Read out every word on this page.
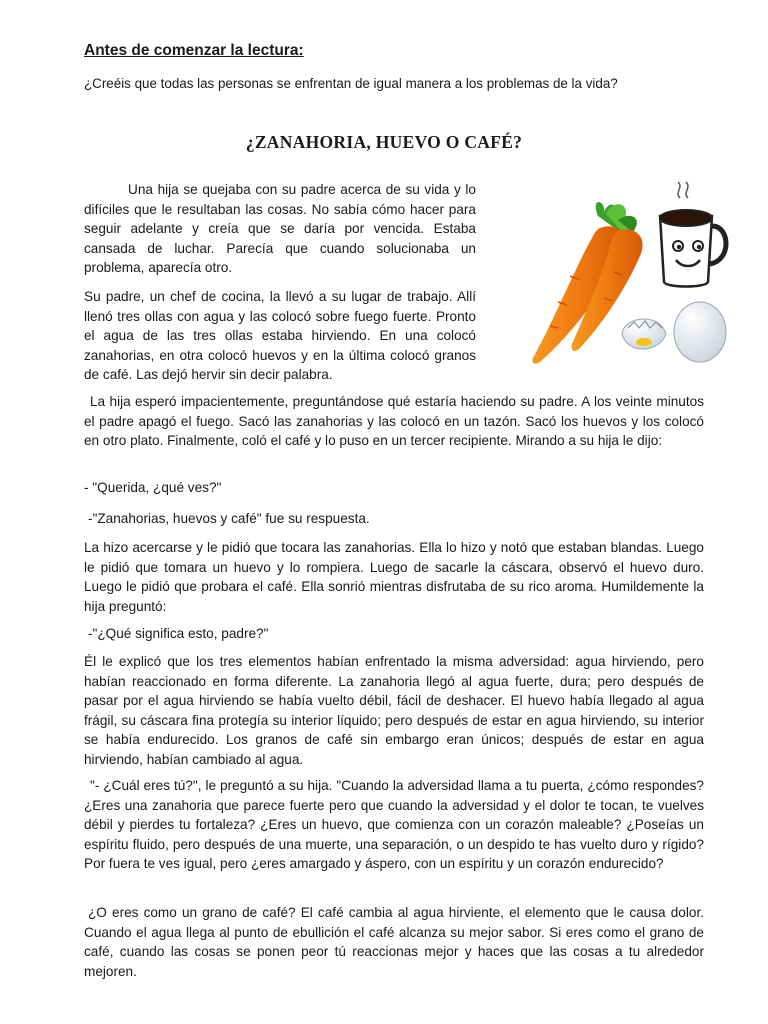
Antes de comenzar la lectura:

¿Creéis que todas las personas se enfrentan de igual manera a los problemas de la vida?

¿ZANAHORIA, HUEVO O CAFÉ?

Una hija se quejaba con su padre acerca de su vida y lo difíciles que le resultaban las cosas. No sabía cómo hacer para seguir adelante y creía que se daría por vencida. Estaba cansada de luchar. Parecía que cuando solucionaba un problema, aparecía otro.

Su padre, un chef de cocina, la llevó a su lugar de trabajo. Allí llenó tres ollas con agua y las colocó sobre fuego fuerte. Pronto el agua de las tres ollas estaba hirviendo. En una colocó zanahorias, en otra colocó huevos y en la última colocó granos de café. Las dejó hervir sin decir palabra.

La hija esperó impacientemente, preguntándose qué estaría haciendo su padre. A los veinte minutos el padre apagó el fuego. Sacó las zanahorias y las colocó en un tazón. Sacó los huevos y los colocó en otro plato. Finalmente, coló el café y lo puso en un tercer recipiente. Mirando a su hija le dijo:

- "Querida, ¿qué ves?"

-"Zanahorias, huevos y café" fue su respuesta.

La hizo acercarse y le pidió que tocara las zanahorias. Ella lo hizo y notó que estaban blandas. Luego le pidió que tomara un huevo y lo rompiera. Luego de sacarle la cáscara, observó el huevo duro. Luego le pidió que probara el café. Ella sonrió mientras disfrutaba de su rico aroma. Humildemente la hija preguntó:

-"¿Qué significa esto, padre?"

Él le explicó que los tres elementos habían enfrentado la misma adversidad: agua hirviendo, pero habían reaccionado en forma diferente. La zanahoria llegó al agua fuerte, dura; pero después de pasar por el agua hirviendo se había vuelto débil, fácil de deshacer. El huevo había llegado al agua frágil, su cáscara fina protegía su interior líquido; pero después de estar en agua hirviendo, su interior se había endurecido. Los granos de café sin embargo eran únicos; después de estar en agua hirviendo, habían cambiado al agua.

"- ¿Cuál eres tú?", le preguntó a su hija. "Cuando la adversidad llama a tu puerta, ¿cómo respondes? ¿Eres una zanahoria que parece fuerte pero que cuando la adversidad y el dolor te tocan, te vuelves débil y pierdes tu fortaleza? ¿Eres un huevo, que comienza con un corazón maleable? ¿Poseías un espíritu fluido, pero después de una muerte, una separación, o un despido te has vuelto duro y rígido? Por fuera te ves igual, pero ¿eres amargado y áspero, con un espíritu y un corazón endurecido?

¿O eres como un grano de café? El café cambia al agua hirviente, el elemento que le causa dolor. Cuando el agua llega al punto de ebullición el café alcanza su mejor sabor. Si eres como el grano de café, cuando las cosas se ponen peor tú reaccionas mejor y haces que las cosas a tu alrededor mejoren.
